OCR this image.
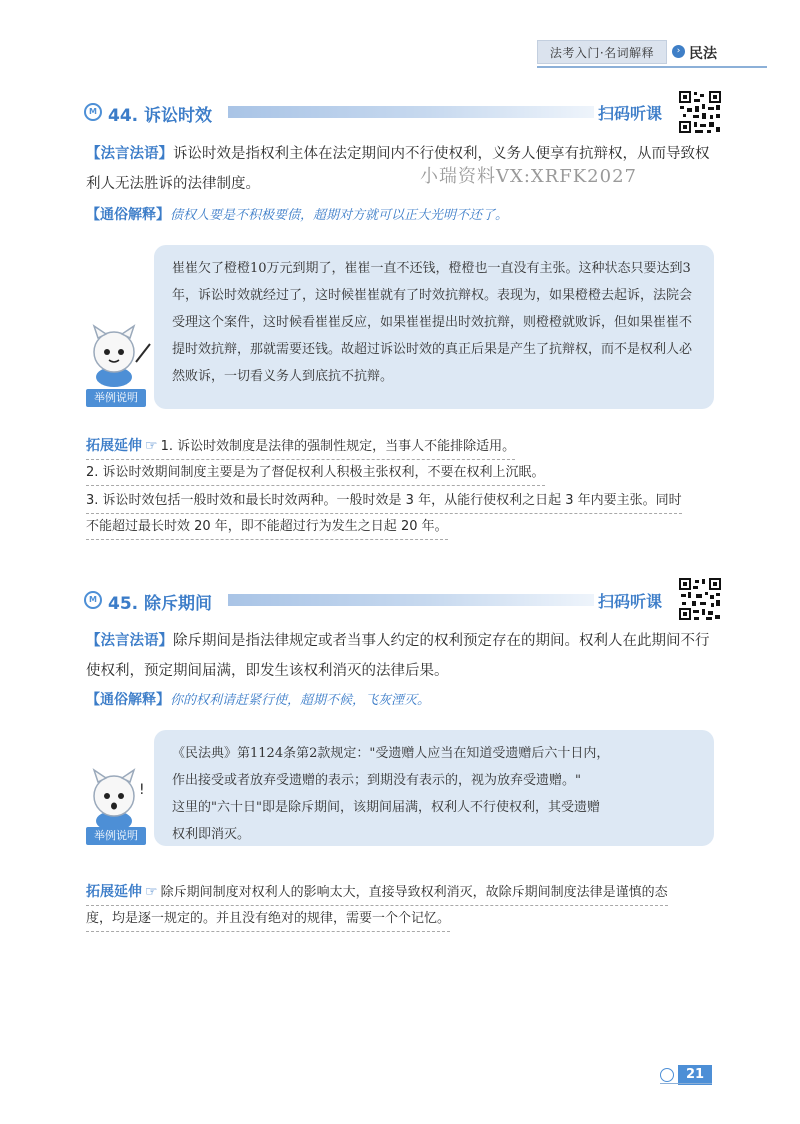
法考入门·名词解释	› 民法
M 44. 诉讼时效	扫码听课
【法言法语】诉讼时效是指权利主体在法定期间内不行使权利，义务人便享有抗辩权，从而导致权利人无法胜诉的法律制度。	小瑞资料VX:XRFK2027
【通俗解释】债权人要是不积极要债，超期对方就可以正大光明不还了。
崔崔欠了橙橙10万元到期了，崔崔一直不还钱，橙橙也一直没有主张。这种状态只要达到3年，诉讼时效就经过了，这时候崔崔就有了时效抗辩权。表现为，如果橙橙去起诉，法院会受理这个案件，这时候看崔崔反应，如果崔崔提出时效抗辩，则橙橙就败诉，但如果崔崔不提时效抗辩，那就需要还钱。故超过诉讼时效的真正后果是产生了抗辩权，而不是权利人必然败诉，一切看义务人到底抗不抗辩。
举例说明
拓展延伸 ☞ 1. 诉讼时效制度是法律的强制性规定，当事人不能排除适用。
2. 诉讼时效期间制度主要是为了督促权利人积极主张权利，不要在权利上沉眠。
3. 诉讼时效包括一般时效和最长时效两种。一般时效是 3 年，从能行使权利之日起 3 年内要主张。同时
不能超过最长时效 20 年，即不能超过行为发生之日起 20 年。
M 45. 除斥期间	扫码听课
【法言法语】除斥期间是指法律规定或者当事人约定的权利预定存在的期间。权利人在此期间不行使权利，预定期间届满，即发生该权利消灭的法律后果。
【通俗解释】你的权利请赶紧行使，超期不候，飞灰湮灭。
《民法典》第1124条第2款规定："受遗赠人应当在知道受遗赠后六十日内，
作出接受或者放弃受遗赠的表示；到期没有表示的，视为放弃受遗赠。"
这里的"六十日"即是除斥期间，该期间届满，权利人不行使权利，其受遗赠
权利即消灭。
!
举例说明
拓展延伸 ☞ 除斥期间制度对权利人的影响太大，直接导致权利消灭，故除斥期间制度法律是谨慎的态
度，均是逐一规定的。并且没有绝对的规律，需要一个个记忆。
21
